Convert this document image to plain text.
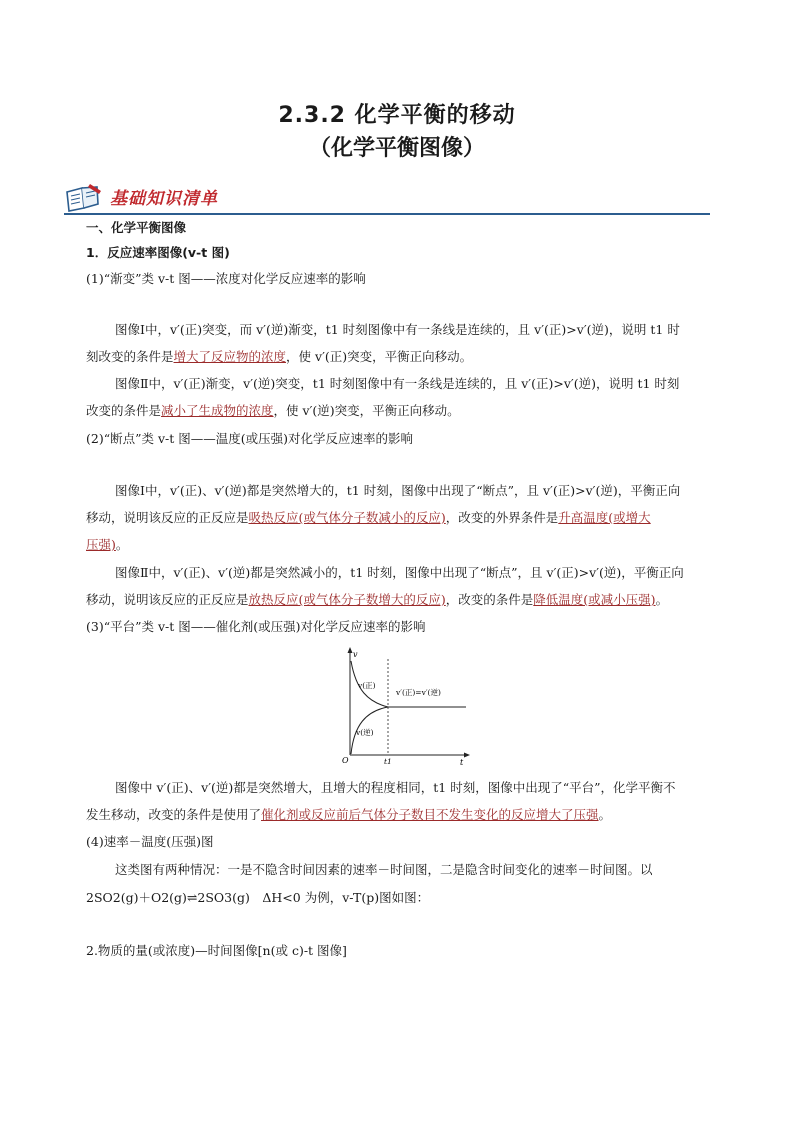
2.3.2 化学平衡的移动
（化学平衡图像）
基础知识清单
一、化学平衡图像
1．反应速率图像(v-t 图)
(1)“渐变”类 v-t 图——浓度对化学反应速率的影响
图像Ⅰ中，v′(正)突变，而 v′(逆)渐变，t1 时刻图像中有一条线是连续的，且 v′(正)>v′(逆)，说明 t1 时
刻改变的条件是增大了反应物的浓度，使 v′(正)突变，平衡正向移动。
图像Ⅱ中，v′(正)渐变，v′(逆)突变，t1 时刻图像中有一条线是连续的，且 v′(正)>v′(逆)，说明 t1 时刻
改变的条件是减小了生成物的浓度，使 v′(逆)突变，平衡正向移动。
(2)“断点”类 v-t 图——温度(或压强)对化学反应速率的影响
图像Ⅰ中，v′(正)、v′(逆)都是突然增大的，t1 时刻，图像中出现了“断点”，且 v′(正)>v′(逆)，平衡正向
移动，说明该反应的正反应是吸热反应(或气体分子数减小的反应)，改变的外界条件是升高温度(或增大
压强)。
图像Ⅱ中，v′(正)、v′(逆)都是突然减小的，t1 时刻，图像中出现了“断点”，且 v′(正)>v′(逆)，平衡正向
移动，说明该反应的正反应是放热反应(或气体分子数增大的反应)，改变的条件是降低温度(或减小压强)。
(3)“平台”类 v-t 图——催化剂(或压强)对化学反应速率的影响
v
t
O	t1
v(正)
v(逆)
v′(正)=v′(逆)
图像中 v′(正)、v′(逆)都是突然增大，且增大的程度相同，t1 时刻，图像中出现了“平台”，化学平衡不
发生移动，改变的条件是使用了催化剂或反应前后气体分子数目不发生变化的反应增大了压强。
(4)速率－温度(压强)图
这类图有两种情况：一是不隐含时间因素的速率－时间图，二是隐含时间变化的速率－时间图。以
2SO2(g)＋O2(g)⇌2SO3(g)　ΔH<0 为例，v-T(p)图如图：
2.物质的量(或浓度)—时间图像[n(或 c)-t 图像]
